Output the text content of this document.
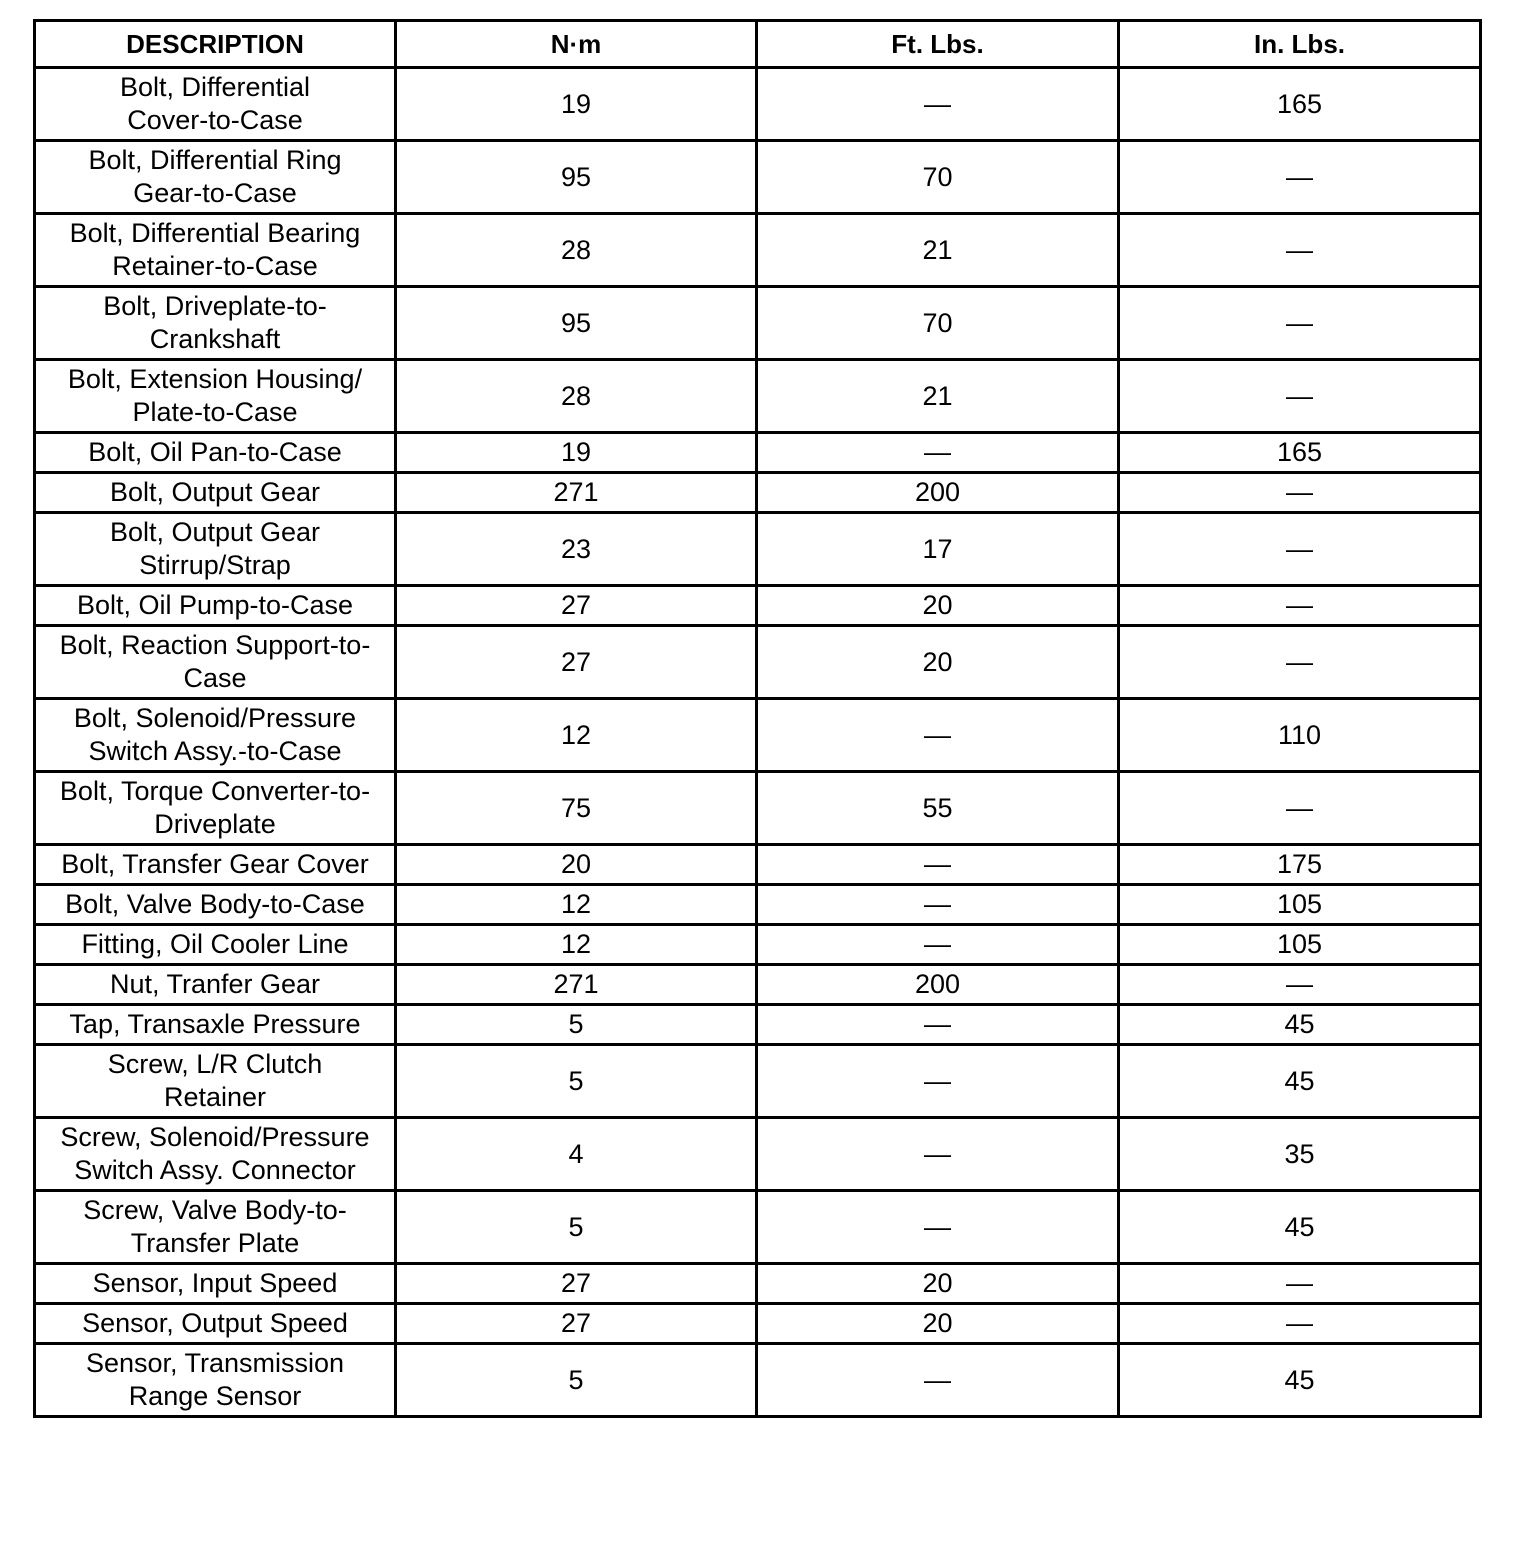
DESCRIPTION	N·m	Ft. Lbs.	In. Lbs.

Bolt, Differential
Cover-to-Case	19	—	165

Bolt, Differential Ring
Gear-to-Case	95	70	—

Bolt, Differential Bearing
Retainer-to-Case	28	21	—

Bolt, Driveplate-to-
Crankshaft	95	70	—

Bolt, Extension Housing/
Plate-to-Case	28	21	—

Bolt, Oil Pan-to-Case	19	—	165

Bolt, Output Gear	271	200	—

Bolt, Output Gear
Stirrup/Strap	23	17	—

Bolt, Oil Pump-to-Case	27	20	—

Bolt, Reaction Support-to-
Case	27	20	—

Bolt, Solenoid/Pressure
Switch Assy.-to-Case	12	—	110

Bolt, Torque Converter-to-
Driveplate	75	55	—

Bolt, Transfer Gear Cover	20	—	175

Bolt, Valve Body-to-Case	12	—	105

Fitting, Oil Cooler Line	12	—	105

Nut, Tranfer Gear	271	200	—

Tap, Transaxle Pressure	5	—	45

Screw, L/R Clutch
Retainer	5	—	45

Screw, Solenoid/Pressure
Switch Assy. Connector	4	—	35

Screw, Valve Body-to-
Transfer Plate	5	—	45

Sensor, Input Speed	27	20	—

Sensor, Output Speed	27	20	—

Sensor, Transmission
Range Sensor	5	—	45
